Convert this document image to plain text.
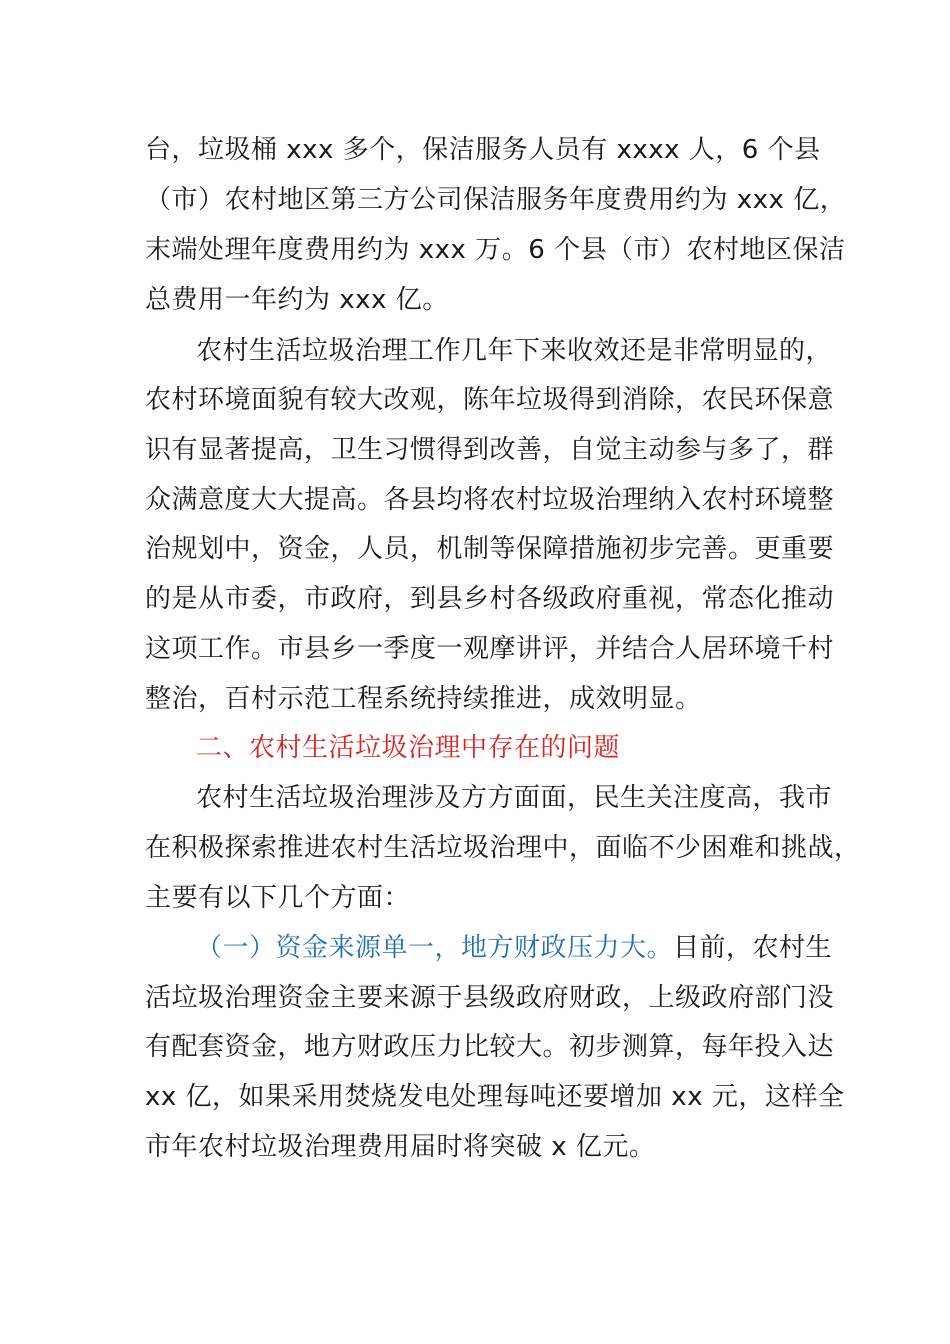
台，垃圾桶 xxx 多个，保洁服务人员有 xxxx 人，6 个县
（市）农村地区第三方公司保洁服务年度费用约为 xxx 亿，
末端处理年度费用约为 xxx 万。6 个县（市）农村地区保洁
总费用一年约为 xxx 亿。
农村生活垃圾治理工作几年下来收效还是非常明显的，
农村环境面貌有较大改观，陈年垃圾得到消除，农民环保意
识有显著提高，卫生习惯得到改善，自觉主动参与多了，群
众满意度大大提高。各县均将农村垃圾治理纳入农村环境整
治规划中，资金，人员，机制等保障措施初步完善。更重要
的是从市委，市政府，到县乡村各级政府重视，常态化推动
这项工作。市县乡一季度一观摩讲评，并结合人居环境千村
整治，百村示范工程系统持续推进，成效明显。
二、农村生活垃圾治理中存在的问题
农村生活垃圾治理涉及方方面面，民生关注度高，我市
在积极探索推进农村生活垃圾治理中，面临不少困难和挑战，
主要有以下几个方面：
（一）资金来源单一，地方财政压力大。目前，农村生
活垃圾治理资金主要来源于县级政府财政，上级政府部门没
有配套资金，地方财政压力比较大。初步测算，每年投入达
xx 亿，如果采用焚烧发电处理每吨还要增加 xx 元，这样全
市年农村垃圾治理费用届时将突破 x 亿元。
